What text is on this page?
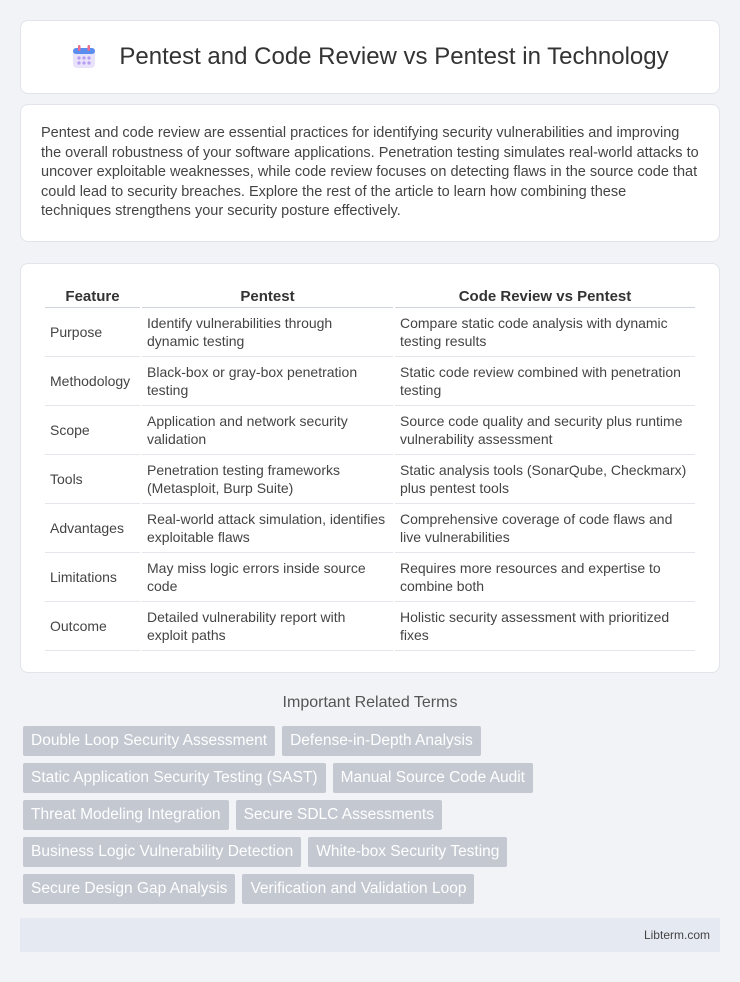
Pentest and Code Review vs Pentest in Technology

Pentest and code review are essential practices for identifying security vulnerabilities and improving the overall robustness of your software applications. Penetration testing simulates real-world attacks to uncover exploitable weaknesses, while code review focuses on detecting flaws in the source code that could lead to security breaches. Explore the rest of the article to learn how combining these techniques strengthens your security posture effectively.

Feature	Pentest	Code Review vs Pentest
Purpose	Identify vulnerabilities through dynamic testing	Compare static code analysis with dynamic testing results
Methodology	Black-box or gray-box penetration testing	Static code review combined with penetration testing
Scope	Application and network security validation	Source code quality and security plus runtime vulnerability assessment
Tools	Penetration testing frameworks (Metasploit, Burp Suite)	Static analysis tools (SonarQube, Checkmarx) plus pentest tools
Advantages	Real-world attack simulation, identifies exploitable flaws	Comprehensive coverage of code flaws and live vulnerabilities
Limitations	May miss logic errors inside source code	Requires more resources and expertise to combine both
Outcome	Detailed vulnerability report with exploit paths	Holistic security assessment with prioritized fixes
Important Related Terms
Double Loop Security Assessment	Defense-in-Depth Analysis
Static Application Security Testing (SAST)	Manual Source Code Audit
Threat Modeling Integration	Secure SDLC Assessments
Business Logic Vulnerability Detection	White-box Security Testing
Secure Design Gap Analysis	Verification and Validation Loop
Libterm.com
